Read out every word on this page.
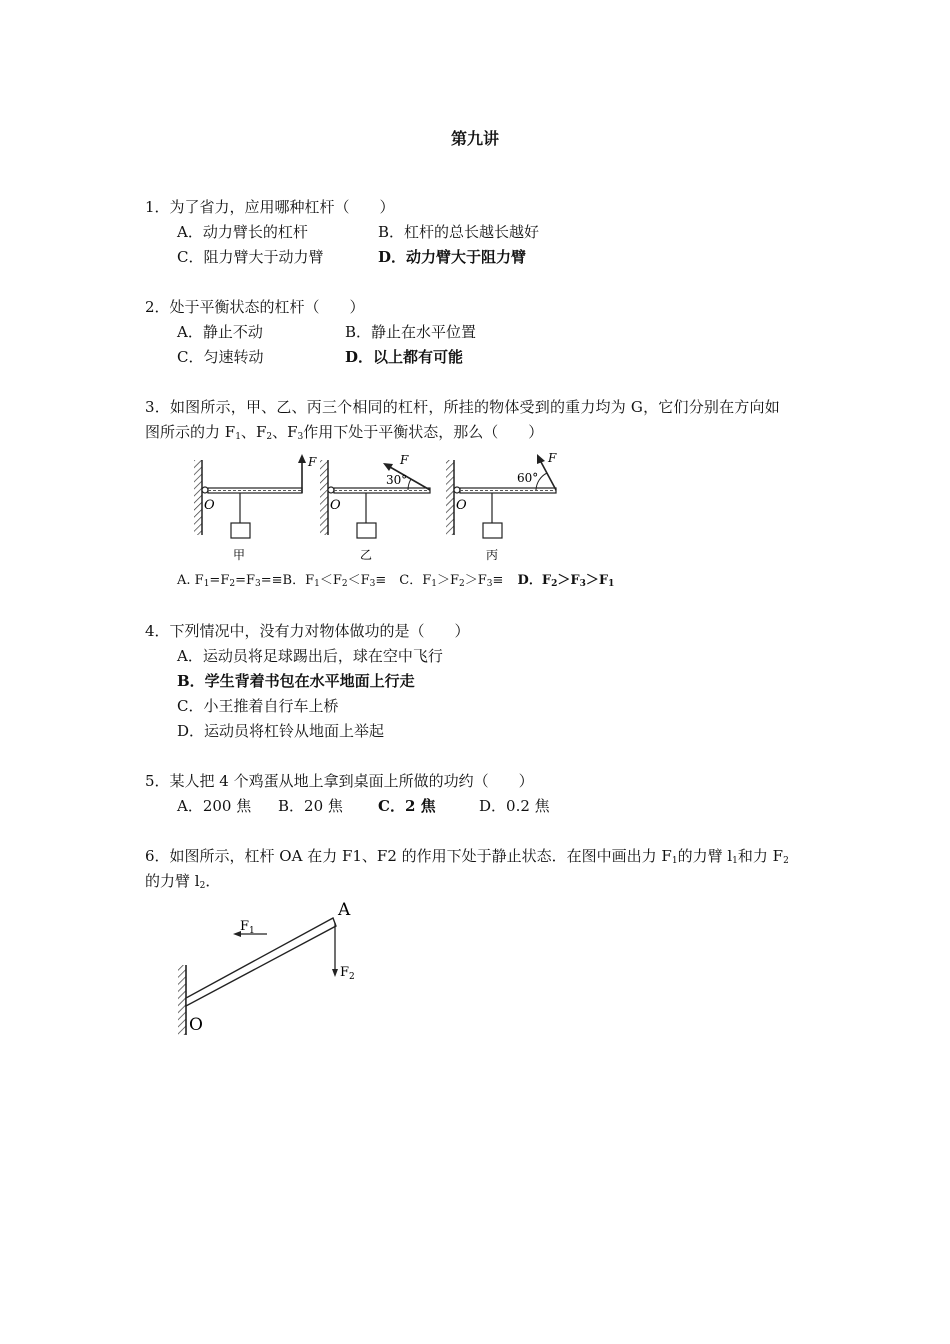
第九讲
1．为了省力，应用哪种杠杆（　　）
A．动力臂长的杠杆	B．杠杆的总长越长越好
C．阻力臂大于动力臂	D．动力臂大于阻力臂
2．处于平衡状态的杠杆（　　）
A．静止不动	B．静止在水平位置
C．匀速转动	D．以上都有可能
3．如图所示，甲、乙、丙三个相同的杠杆，所挂的物体受到的重力均为 G，它们分别在方向如
图所示的力 $F_1$、$F_2$、$F_3$作用下处于平衡状态，那么（　　）
O
F
甲
O
F
30°
乙
O
F
60°
丙
A. $F_1=F_2=F_3=\equiv B$．$F_1<F_2<F_3\equiv$　C．$F_1>F_2>F_3\equiv D$．$F_2>F_3>F_1$
4．下列情况中，没有力对物体做功的是（　　）
A．运动员将足球踢出后，球在空中飞行
B．学生背着书包在水平地面上行走
C．小王推着自行车上桥
D．运动员将杠铃从地面上举起
5．某人把 4 个鸡蛋从地上拿到桌面上所做的功约（　　）
A．200 焦 B．20 焦 C．2 焦	D．0.2 焦
6．如图所示，杠杆 OA 在力 F1、F2 的作用下处于静止状态．在图中画出力 $F_1$的力臂 $l_1$和力 $F_2$
的力臂 $l_2$．
A
O
$F_1$
$F_2$
